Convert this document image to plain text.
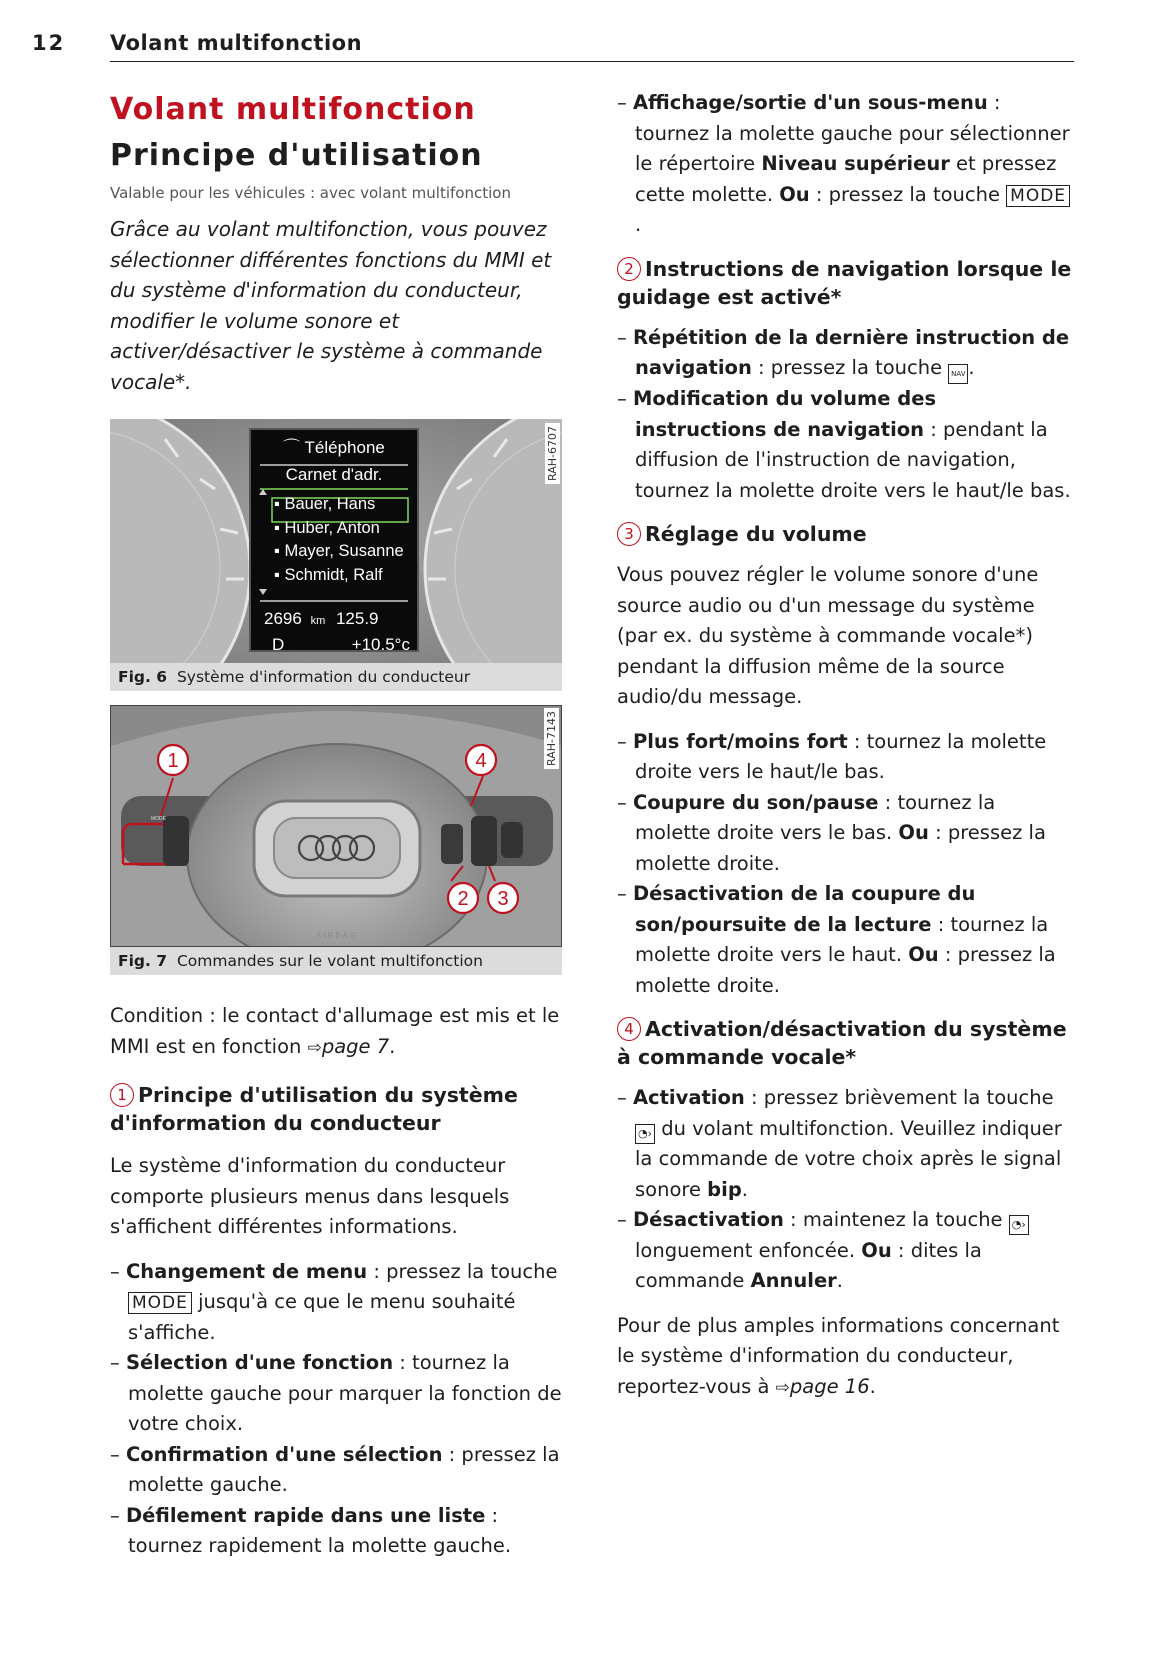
12 Volant multifonction
Volant multifonction
Principe d'utilisation
Valable pour les véhicules : avec volant multifonction

Grâce au volant multifonction, vous pouvez sélectionner différentes fonctions du MMI et du système d'information du conducteur, modifier le volume sonore et activer/désactiver le système à commande vocale*.

⌒ Téléphone
Carnet d'adr.
▪ Bauer, Hans
▪ Huber, Anton
▪ Mayer, Susanne
▪ Schmidt, Ralf
2696 km 125.9
D	+10.5°c
RAH-6707
Fig. 6 Système d'information du conducteur
1	4
2 3
MODE
AIRBAG
RAH-7143
Fig. 7 Commandes sur le volant multifonction

Condition : le contact d'allumage est mis et le MMI est en fonction ⇨page 7.

1 Principe d'utilisation du système d'information du conducteur

Le système d'information du conducteur comporte plusieurs menus dans lesquels s'affichent différentes informations.

– Changement de menu : pressez la touche MODE jusqu'à ce que le menu souhaité s'affiche.
– Sélection d'une fonction : tournez la molette gauche pour marquer la fonction de votre choix.
– Confirmation d'une sélection : pressez la molette gauche.
– Défilement rapide dans une liste : tournez rapidement la molette gauche.
– Affichage/sortie d'un sous-menu : tournez la molette gauche pour sélectionner le répertoire Niveau supérieur et pressez cette molette. Ou : pressez la touche MODE.
2 Instructions de navigation lorsque le guidage est activé*
– Répétition de la dernière instruction de navigation : pressez la touche NAV .
– Modification du volume des instructions de navigation : pendant la diffusion de l'instruction de navigation, tournez la molette droite vers le haut/le bas.
3 Réglage du volume

Vous pouvez régler le volume sonore d'une source audio ou d'un message du système (par ex. du système à commande vocale*) pendant la diffusion même de la source audio/du message.

– Plus fort/moins fort : tournez la molette droite vers le haut/le bas.
– Coupure du son/pause : tournez la molette droite vers le bas. Ou : pressez la molette droite.
– Désactivation de la coupure du son/poursuite de la lecture : tournez la molette droite vers le haut. Ou : pressez la molette droite.
4 Activation/désactivation du système à commande vocale*
– Activation : pressez brièvement la touche ◔› du volant multifonction. Veuillez indiquer la commande de votre choix après le signal sonore bip.
– Désactivation : maintenez la touche ◔› longuement enfoncée. Ou : dites la commande Annuler.

Pour de plus amples informations concernant le système d'information du conducteur, reportez-vous à ⇨page 16.
